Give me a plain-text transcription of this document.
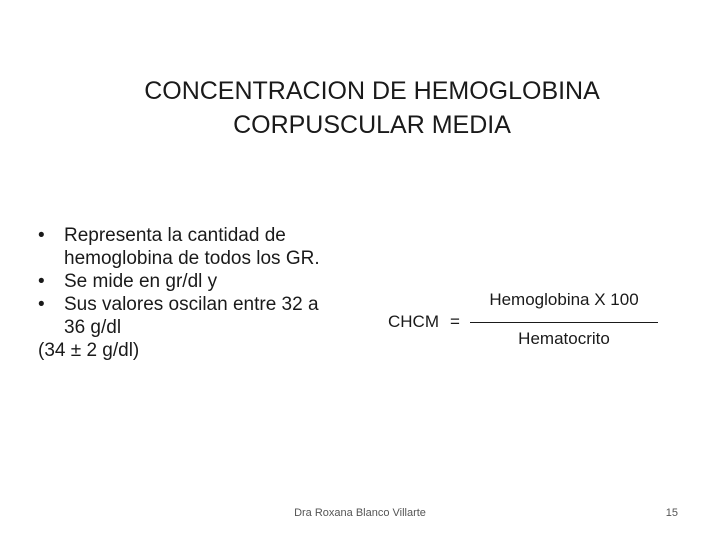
CONCENTRACION DE HEMOGLOBINA
CORPUSCULAR MEDIA
• Representa la cantidad de
hemoglobina de todos los GR.
• Se mide en gr/dl y
• Sus valores oscilan entre 32 a
36 g/dl
(34 ± 2 g/dl)
CHCM =
Hemoglobina X 100
Hematocrito
Dra Roxana Blanco Villarte	15
